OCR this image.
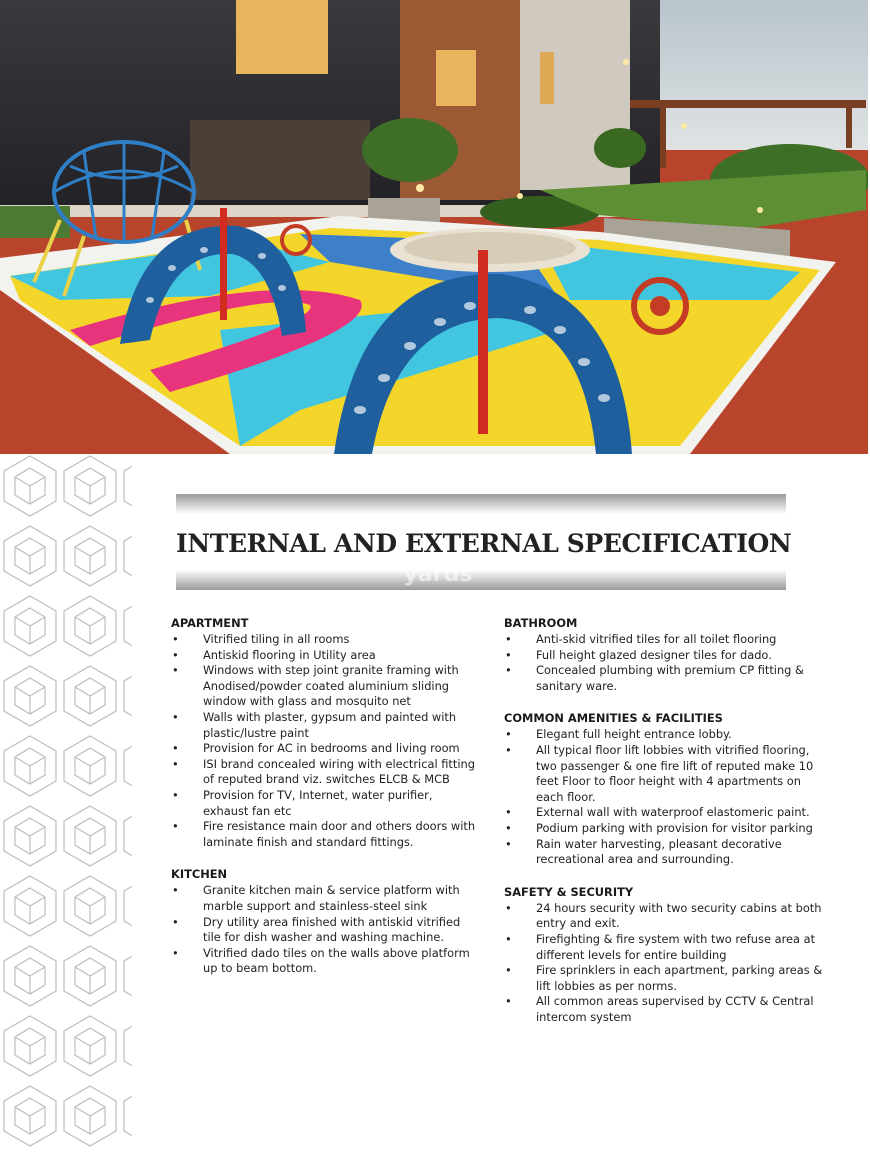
INTERNAL AND EXTERNAL SPECIFICATION
yards
APARTMENT
• Vitrified tiling in all rooms
• Antiskid flooring in Utility area
• Windows with step joint granite framing with Anodised/powder coated aluminium sliding window with glass and mosquito net
• Walls with plaster, gypsum and painted with plastic/lustre paint
• Provision for AC in bedrooms and living room
• ISI brand concealed wiring with electrical fitting of reputed brand viz. switches ELCB & MCB
• Provision for TV, Internet, water purifier, exhaust fan etc
• Fire resistance main door and others doors with laminate finish and standard fittings.
KITCHEN
• Granite kitchen main & service platform with marble support and stainless-steel sink
• Dry utility area finished with antiskid vitrified tile for dish washer and washing machine.
• Vitrified dado tiles on the walls above platform up to beam bottom.
BATHROOM
• Anti-skid vitrified tiles for all toilet flooring
• Full height glazed designer tiles for dado.
• Concealed plumbing with premium CP fitting & sanitary ware.
COMMON AMENITIES & FACILITIES
• Elegant full height entrance lobby.
• All typical floor lift lobbies with vitrified flooring, two passenger & one fire lift of reputed make 10 feet Floor to floor height with 4 apartments on each floor.
• External wall with waterproof elastomeric paint.
• Podium parking with provision for visitor parking
• Rain water harvesting, pleasant decorative recreational area and surrounding.
SAFETY & SECURITY
• 24 hours security with two security cabins at both entry and exit.
• Firefighting & fire system with two refuse area at different levels for entire building
• Fire sprinklers in each apartment, parking areas & lift lobbies as per norms.
• All common areas supervised by CCTV & Central intercom system
